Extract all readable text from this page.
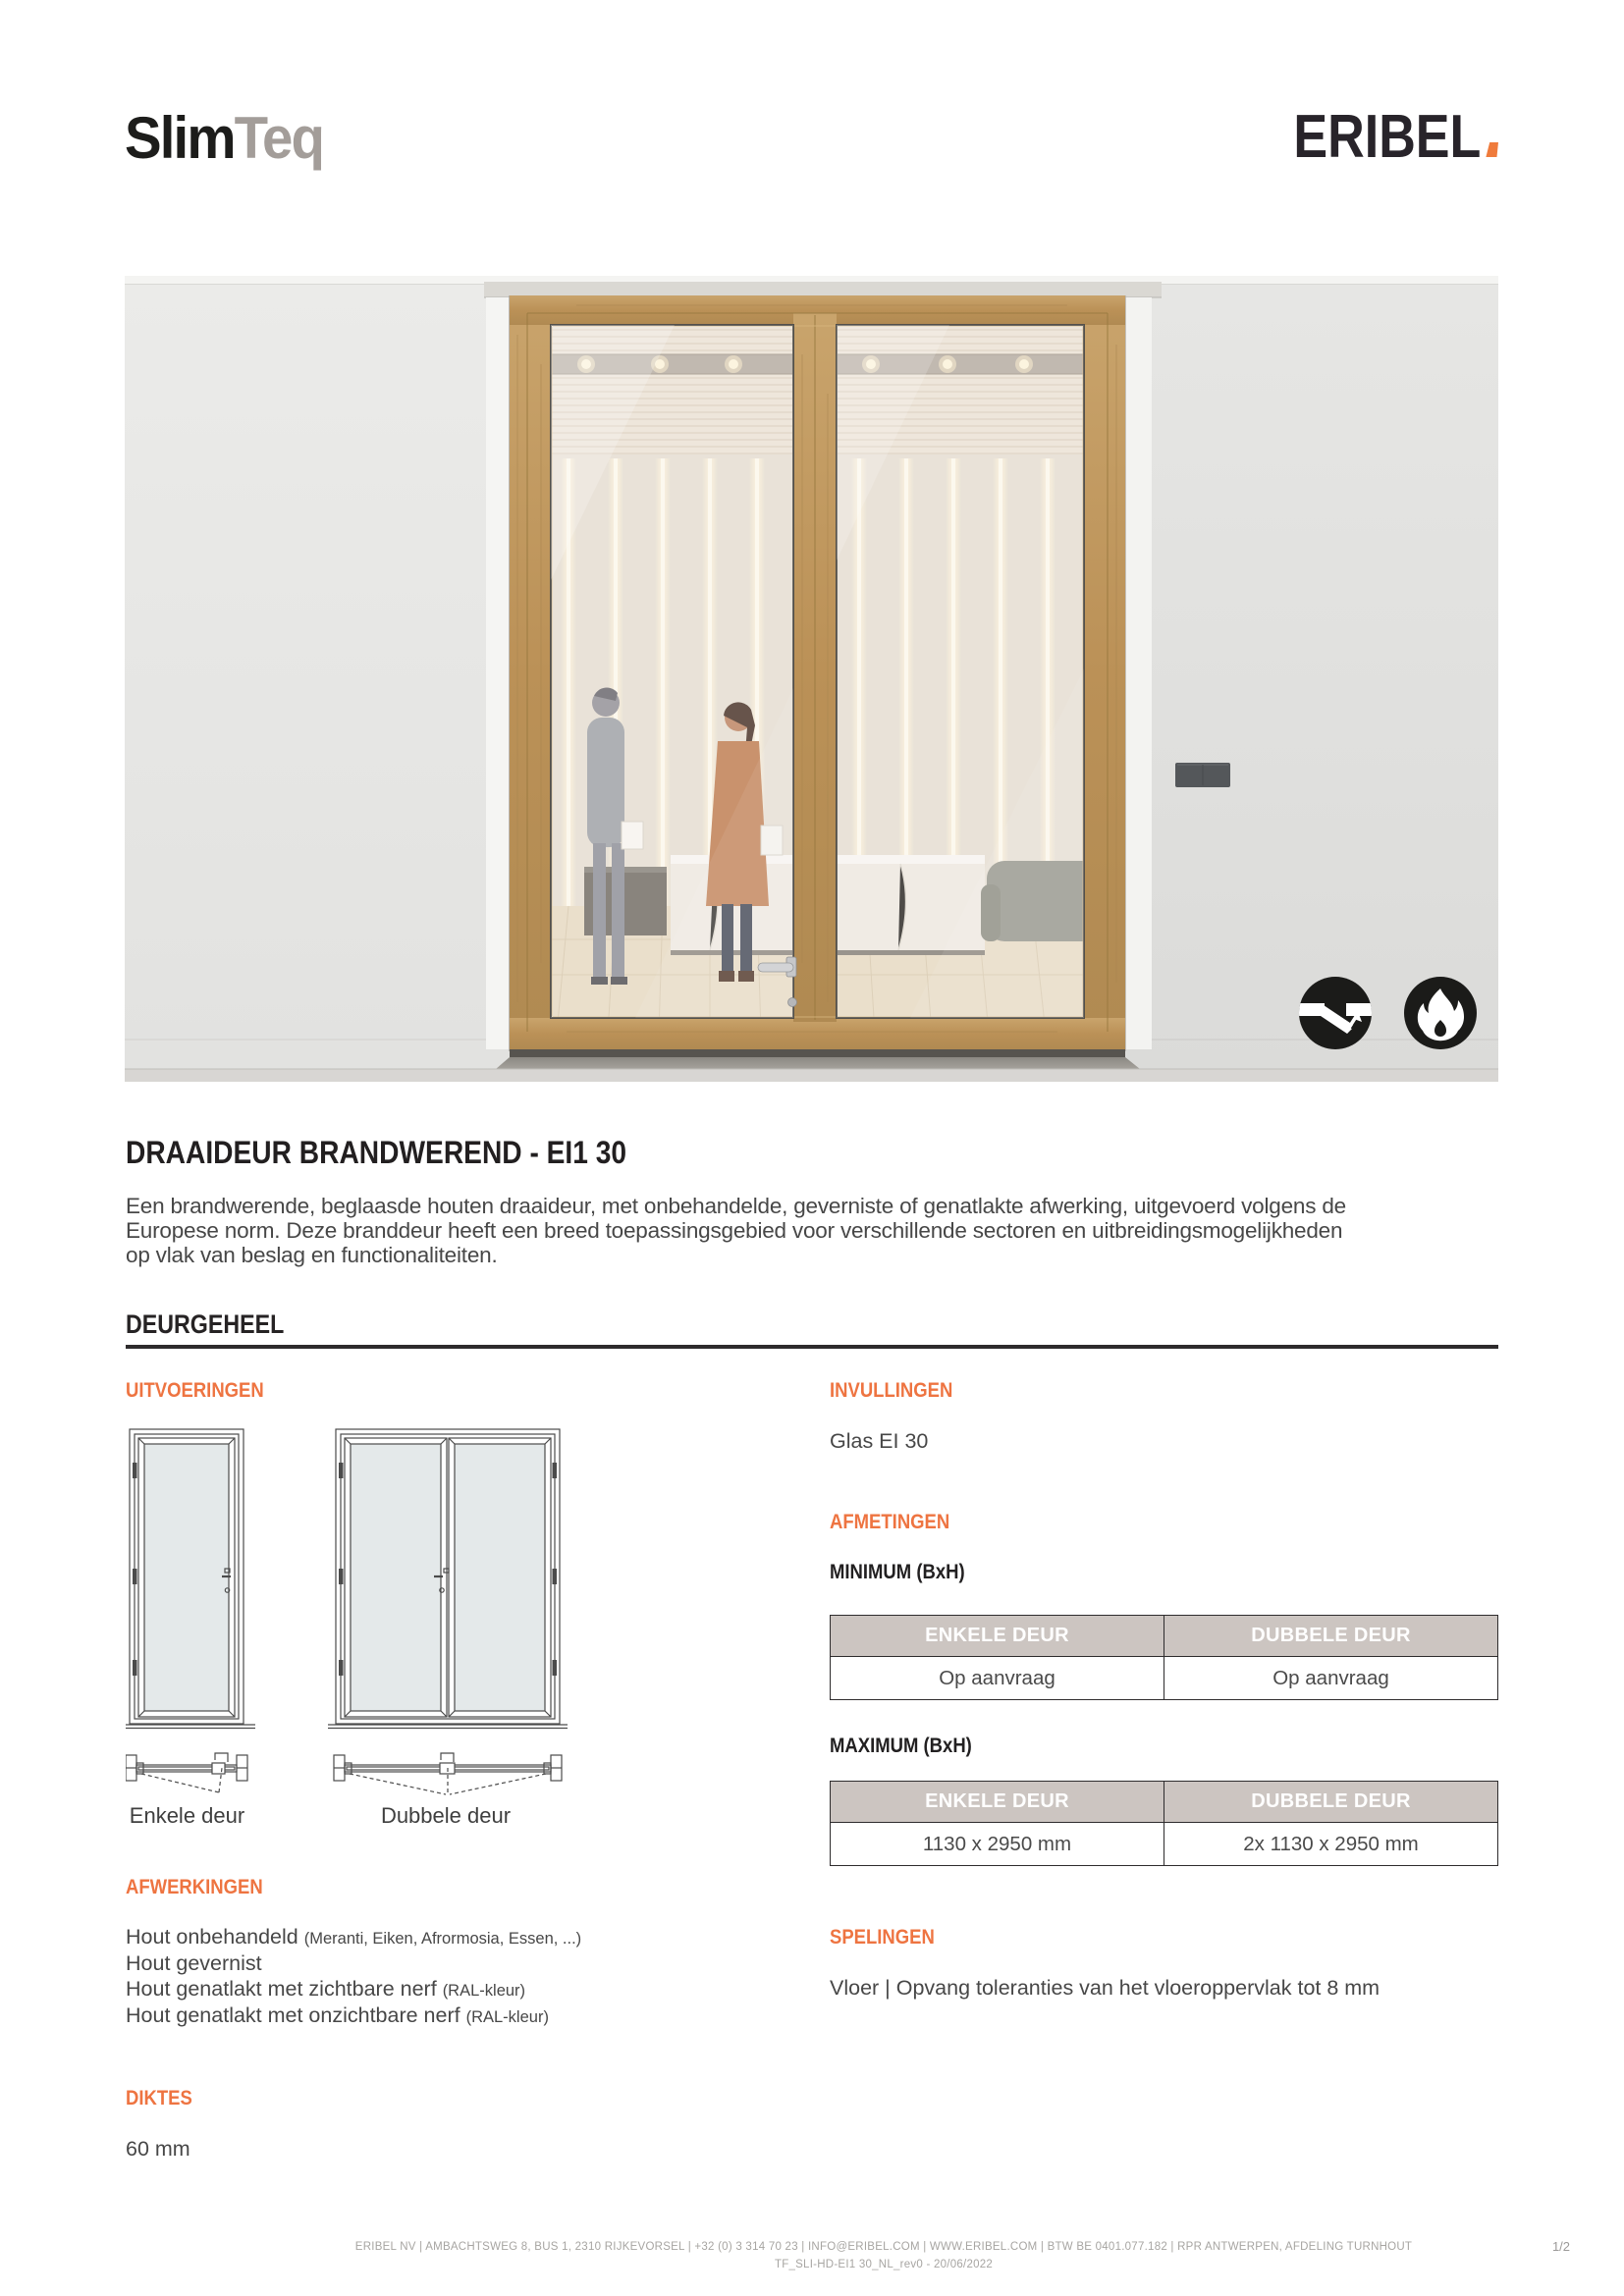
SlimTeq	ERIBEL
DRAAIDEUR BRANDWEREND - EI1 30
Een brandwerende, beglaasde houten draaideur, met onbehandelde, geverniste of genatlakte afwerking, uitgevoerd volgens de
Europese norm. Deze branddeur heeft een breed toepassingsgebied voor verschillende sectoren en uitbreidingsmogelijkheden
op vlak van beslag en functionaliteiten.
DEURGEHEEL
UITVOERINGEN
Enkele deur	Dubbele deur
AFWERKINGEN
Hout onbehandeld (Meranti, Eiken, Afrormosia, Essen, ...)
Hout gevernist
Hout genatlakt met zichtbare nerf (RAL-kleur)
Hout genatlakt met onzichtbare nerf (RAL-kleur)
DIKTES
60 mm
INVULLINGEN
Glas EI 30
AFMETINGEN
MINIMUM (BxH)
ENKELE DEUR	DUBBELE DEUR
Op aanvraag	Op aanvraag
MAXIMUM (BxH)
ENKELE DEUR	DUBBELE DEUR
1130 x 2950 mm	2x 1130 x 2950 mm
SPELINGEN
Vloer | Opvang toleranties van het vloeroppervlak tot 8 mm
ERIBEL NV | AMBACHTSWEG 8, BUS 1, 2310 RIJKEVORSEL | +32 (0) 3 314 70 23 | INFO@ERIBEL.COM | WWW.ERIBEL.COM | BTW BE 0401.077.182 | RPR ANTWERPEN, AFDELING TURNHOUT
TF_SLI-HD-EI1 30_NL_rev0 - 20/06/2022
1/2
